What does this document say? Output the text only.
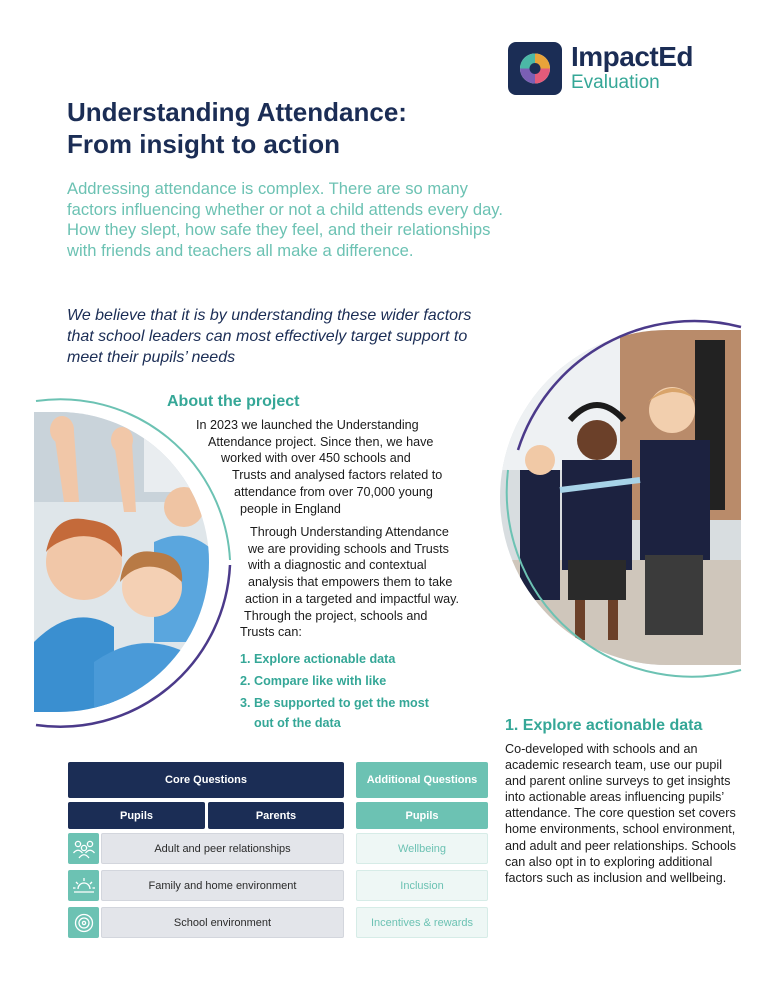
ImpactEd
Evaluation
Understanding Attendance:
From insight to action
Addressing attendance is complex. There are so many factors influencing whether or not a child attends every day. How they slept, how safe they feel, and their relationships with friends and teachers all make a difference.
We believe that it is by understanding these wider factors that school leaders can most effectively target support to meet their pupils’ needs
About the project
In 2023 we launched the Understanding
Attendance project. Since then, we have
worked with over 450 schools and
Trusts and analysed factors related to
attendance from over 70,000 young
people in England
Through Understanding Attendance
we are providing schools and Trusts
with a diagnostic and contextual
analysis that empowers them to take
action in a targeted and impactful way.
Through the project, schools and
Trusts can:
1. Explore actionable data
2. Compare like with like
3. Be supported to get the most
out of the data	1. Explore actionable data
Co-developed with schools and an academic research team, use our pupil and parent online surveys to get insights into actionable areas influencing pupils’ attendance. The core question set covers home environments, school environment, and adult and peer relationships. Schools can also opt in to exploring additional factors such as inclusion and wellbeing.
Core Questions	Additional Questions
Pupils	Parents	Pupils
Adult and peer relationships	Wellbeing
Family and home environment	Inclusion
School environment	Incentives & rewards
